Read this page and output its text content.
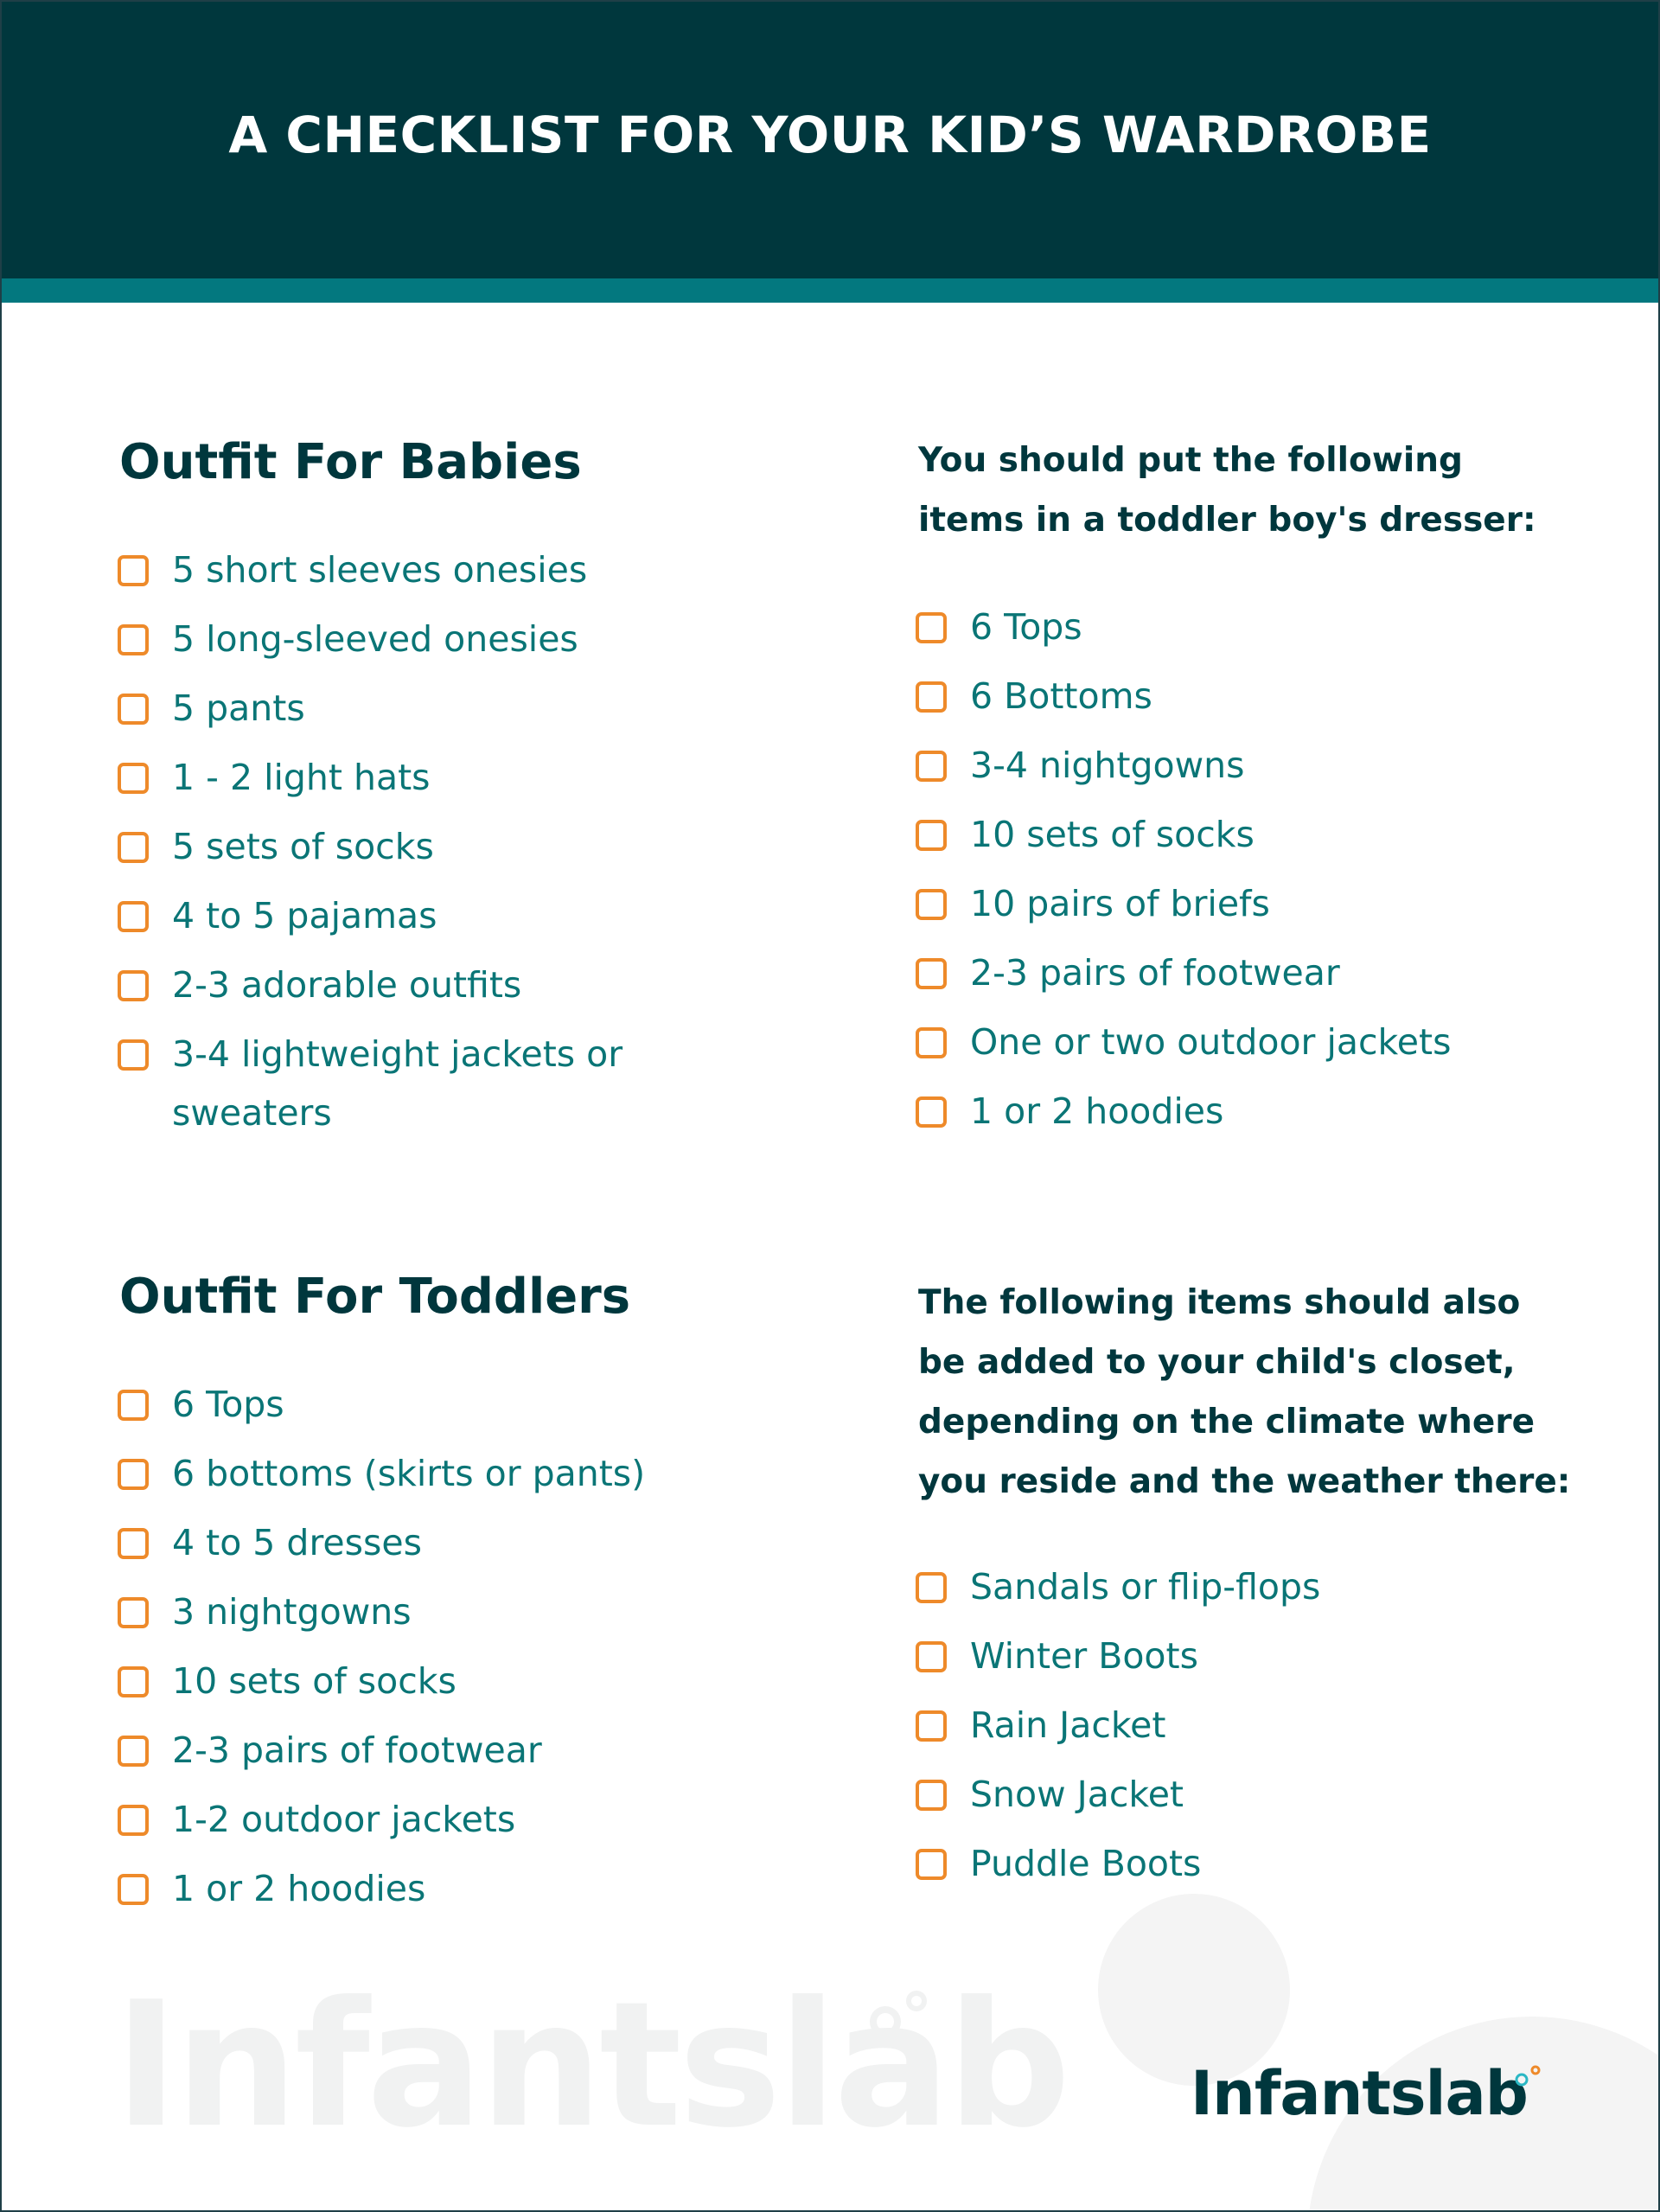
A CHECKLIST FOR YOUR KID’S WARDROBE
Outfit For Babies
5 short sleeves onesies
5 long-sleeved onesies
5 pants
1 - 2 light hats
5 sets of socks
4 to 5 pajamas
2-3 adorable outfits
3-4 lightweight jackets or sweaters
You should put the following items in a toddler boy's dresser:
6 Tops
6 Bottoms
3-4 nightgowns
10 sets of socks
10 pairs of briefs
2-3 pairs of footwear
One or two outdoor jackets
1 or 2 hoodies
Outfit For Toddlers
6 Tops
6 bottoms (skirts or pants)
4 to 5 dresses
3 nightgowns
10 sets of socks
2-3 pairs of footwear
1-2 outdoor jackets
1 or 2 hoodies
The following items should also be added to your child's closet, depending on the climate where you reside and the weather there:
Sandals or flip-flops
Winter Boots
Rain Jacket
Snow Jacket
Puddle Boots
Infantslab Infantslab
